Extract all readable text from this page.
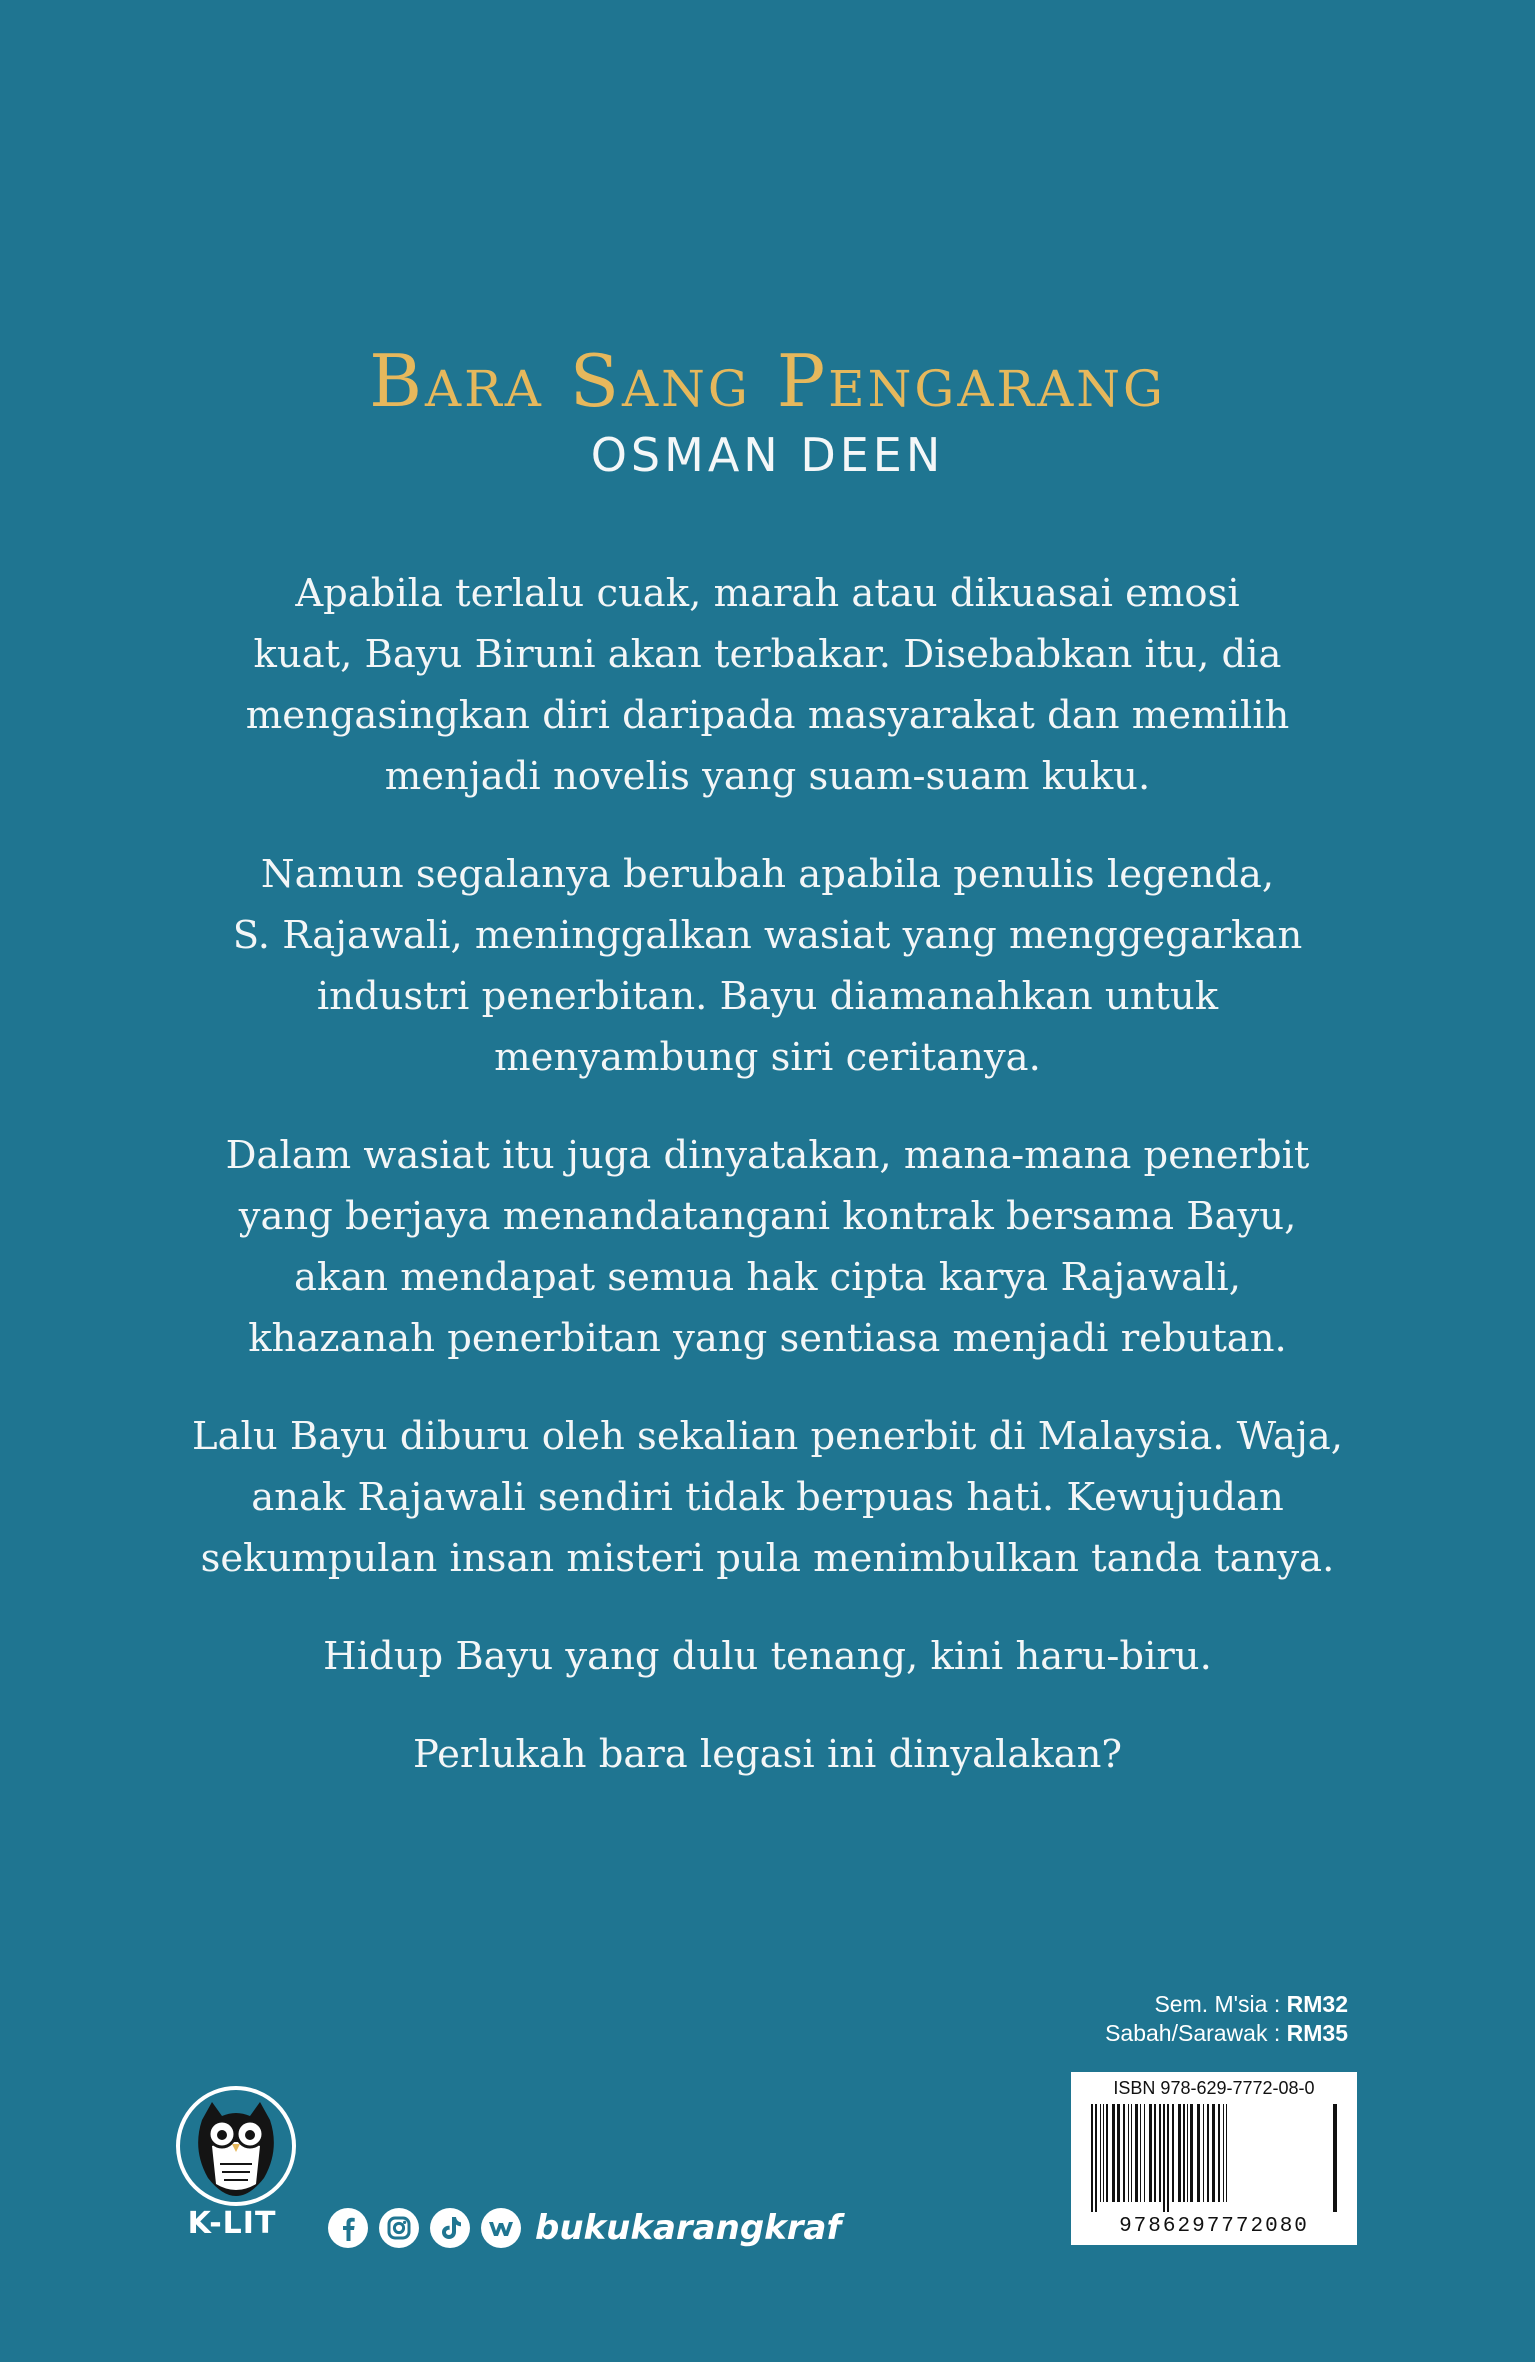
Bara Sang Pengarang
OSMAN DEEN

Apabila terlalu cuak, marah atau dikuasai emosi
kuat, Bayu Biruni akan terbakar. Disebabkan itu, dia
mengasingkan diri daripada masyarakat dan memilih
menjadi novelis yang suam-suam kuku.

Namun segalanya berubah apabila penulis legenda,
S. Rajawali, meninggalkan wasiat yang menggegarkan
industri penerbitan. Bayu diamanahkan untuk
menyambung siri ceritanya.

Dalam wasiat itu juga dinyatakan, mana-mana penerbit
yang berjaya menandatangani kontrak bersama Bayu,
akan mendapat semua hak cipta karya Rajawali,
khazanah penerbitan yang sentiasa menjadi rebutan.

Lalu Bayu diburu oleh sekalian penerbit di Malaysia. Waja,
anak Rajawali sendiri tidak berpuas hati. Kewujudan
sekumpulan insan misteri pula menimbulkan tanda tanya.

Hidup Bayu yang dulu tenang, kini haru-biru.

Perlukah bara legasi ini dinyalakan?

Sem. M'sia : RM32
Sabah/Sarawak : RM35
ISBN 978-629-7772-08-0
9786297772080
K-LIT	bukukarangkraf
